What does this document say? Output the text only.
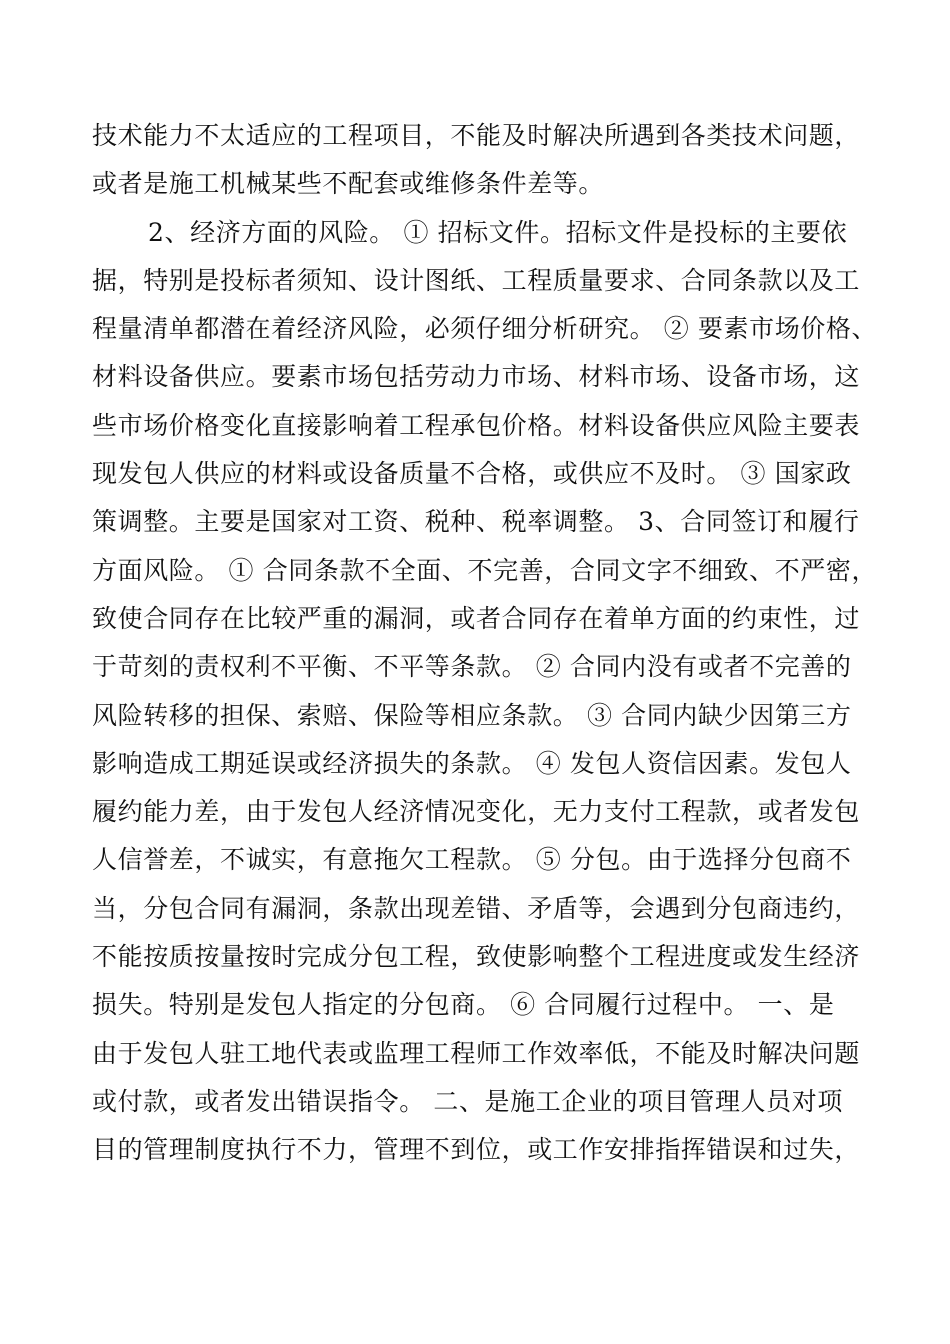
技术能力不太适应的工程项目，不能及时解决所遇到各类技术问题，
或者是施工机械某些不配套或维修条件差等。
2、经济方面的风险。 ① 招标文件。招标文件是投标的主要依
据，特别是投标者须知、设计图纸、工程质量要求、合同条款以及工
程量清单都潜在着经济风险，必须仔细分析研究。 ② 要素市场价格、
材料设备供应。要素市场包括劳动力市场、材料市场、设备市场，这
些市场价格变化直接影响着工程承包价格。材料设备供应风险主要表
现发包人供应的材料或设备质量不合格，或供应不及时。 ③ 国家政
策调整。主要是国家对工资、税种、税率调整。 3、合同签订和履行
方面风险。 ① 合同条款不全面、不完善，合同文字不细致、不严密，
致使合同存在比较严重的漏洞，或者合同存在着单方面的约束性，过
于苛刻的责权利不平衡、不平等条款。 ② 合同内没有或者不完善的
风险转移的担保、索赔、保险等相应条款。 ③ 合同内缺少因第三方
影响造成工期延误或经济损失的条款。 ④ 发包人资信因素。发包人
履约能力差，由于发包人经济情况变化，无力支付工程款，或者发包
人信誉差，不诚实，有意拖欠工程款。 ⑤ 分包。由于选择分包商不
当，分包合同有漏洞，条款出现差错、矛盾等，会遇到分包商违约，
不能按质按量按时完成分包工程，致使影响整个工程进度或发生经济
损失。特别是发包人指定的分包商。 ⑥ 合同履行过程中。 一、是
由于发包人驻工地代表或监理工程师工作效率低，不能及时解决问题
或付款，或者发出错误指令。 二、是施工企业的项目管理人员对项
目的管理制度执行不力，管理不到位，或工作安排指挥错误和过失，
